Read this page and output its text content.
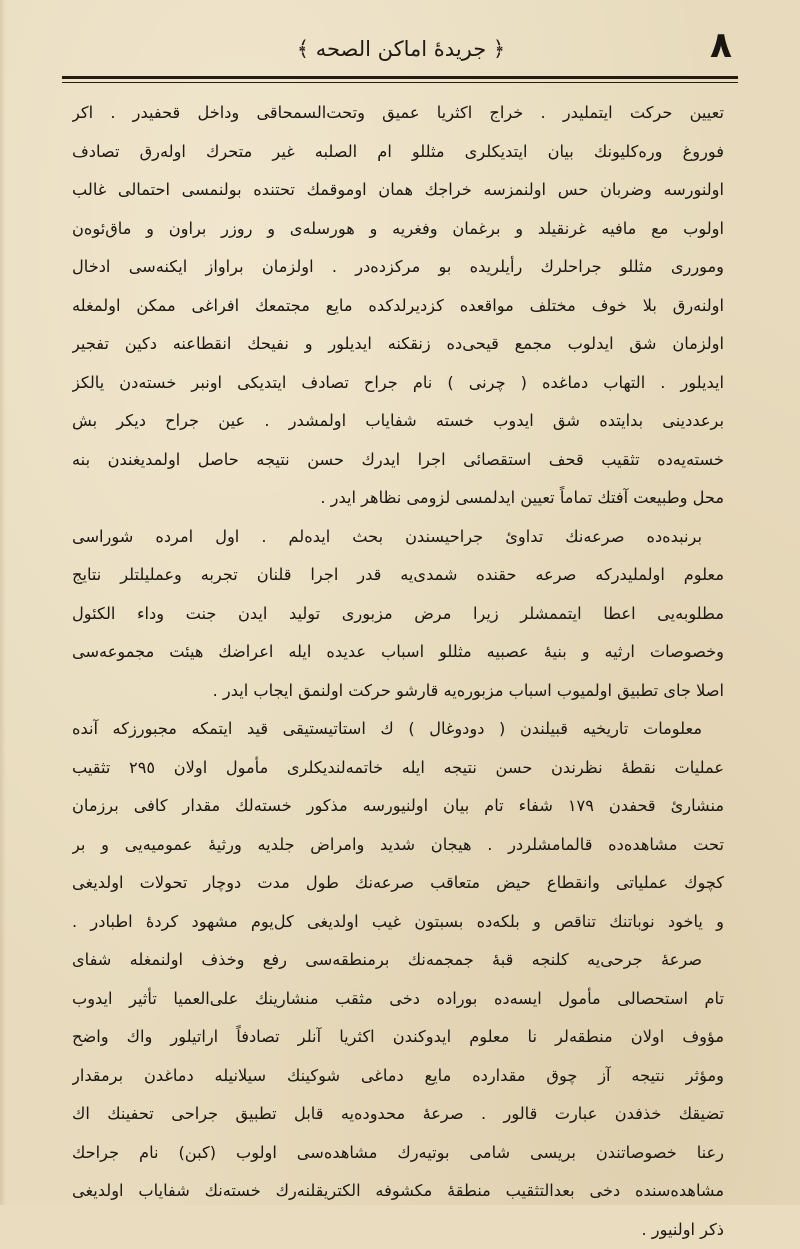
٨
﴿ جريدهٔ اماكن الصحه ﴾
تعيين حركت ايتمليدر . خراج اكثريا عميق وتحت‌السمحاقى وداخل قحفيدر . اكر
فوروغ وره‌كليونك بيان ايتديكلرى مثللو ام الصلبه غير متحرك اولەرق تصادف
اولنورسه وضربان حس اولنمزسه خراجك همان اوموقمك تحتنده بولنمسى احتمالى غالب
اولوب مع مافيه غرنقيلد و برغمان وفغريه و هورسله‌ى و روزر براون و ماق‌ئوه‌ن
وموررى مثللو جراحلرك رأيلريده بو مركزدەدر . اولزمان براواز ايكنه‌سى ادخال
اولنەرق بلا خوف مختلف مواقعده كزديرلدكده مايع مجتمعك افراغى ممكن اولمغله
اولزمان شق ايدلوب مجمع قيحى‌ده زنقكنه ايديلور و نفيحك انقطاعنه دكين تفجير
ايديلور . التهاب دماغده ( چرنى ) نام جراح تصادف ايتديكى اونبر خسته‌دن يالكز
برعددينى بدايتده شق ايدوب خسته شفاياب اولمشدر . عين جراح ديكر بش
خسته‌يەده تثقيب قحف استقصائى اجرا ايدرك حسن نتيجه حاصل اولمديغندن بنه
محل وطبيعت آفتك تماماً تعيين ايدلمسى لزومى نظاهر ايدر .
برنبده‌ده صرعه‌نك تداوئ جراحيسندن بحث ايدەلم . اول امرده شوراسى
معلوم اولمليدركه صرعه حقنده شمدى‌يه قدر اجرا قلنان تجربه وعمليلتلر نتايج
مطلوبه‌يى اعطا ايتممشلر زيرا مرض مزبورى توليد ايدن جنت وداء الكئول
وخصوصات ارثيه و بنيهٔ عصبيه مثللو اسباب عديده ايله اعراضك هيئت مجموعه‌سى
اصلا جاى تطبيق اولميوب اسباب مزبورەيه قارشو حركت اولنمق ايجاب ايدر .
معلومات تاريخيه قبيلندن ( دودوغال ) ك استاتيستيقى قيد ايتمكه مجبورزكه آنده
عمليات نقطهٔ نظرندن حسن نتيجه ايله خاتمه‌لنديكلرى مأمول اولان ٢٩٥ تثقيب
منشارئ قحفدن ١٧٩ شفاء تام بيان اولنيورسه مذكور خسته‌لك مقدار كافى برزمان
تحت مشاهده‌ده قالمامشلردر . هيجان شديد وامراض جلديه ورثيهٔ عموميه‌يى و بر
كچوك عملياتى وانقطاع حيض متعاقب صرعه‌نك طول مدت دوچار تحولات اولديغى
و ياخود نوباتنك تناقص و بلكه‌ده بسبتون غيب اولديغى كل‌يوم مشهود كردهٔ اطبادر .
صرعهٔ جرحى‌يه كلنجه قبهٔ جمجمه‌نك برمنطقه‌سى رفع وخذف اولنمغله شفاى
تام استحصالى مأمول ايسه‌ده بوراده دخى مثقب منشارينك على‌العميا تأثير ايدوب
مؤوف اولان منطقه‌لر نا معلوم ايدوكندن اكثريا آنلر تصادفاً اراتيلور واك واضح
ومؤثر نتيجه آز چوق مقدارده مايع دماغى شوكينك سيلانيله دماغدن برمقدار
تضيقك خذفدن عبارت قالور . صرعهٔ محدوده‌يه قابل تطبيق جراحى تحفينك اك
رعنا خصوصاتندن بريسى شامى بوتيه‌رك مشاهده‌سى اولوب (كبن) نام جراحك
مشاهده‌سنده دخى بعدالتثقيب منطقهٔ مكشوفه الكتريقلنه‌رك خسته‌نك شفاياب اولديغى
ذكر اولنيور .
